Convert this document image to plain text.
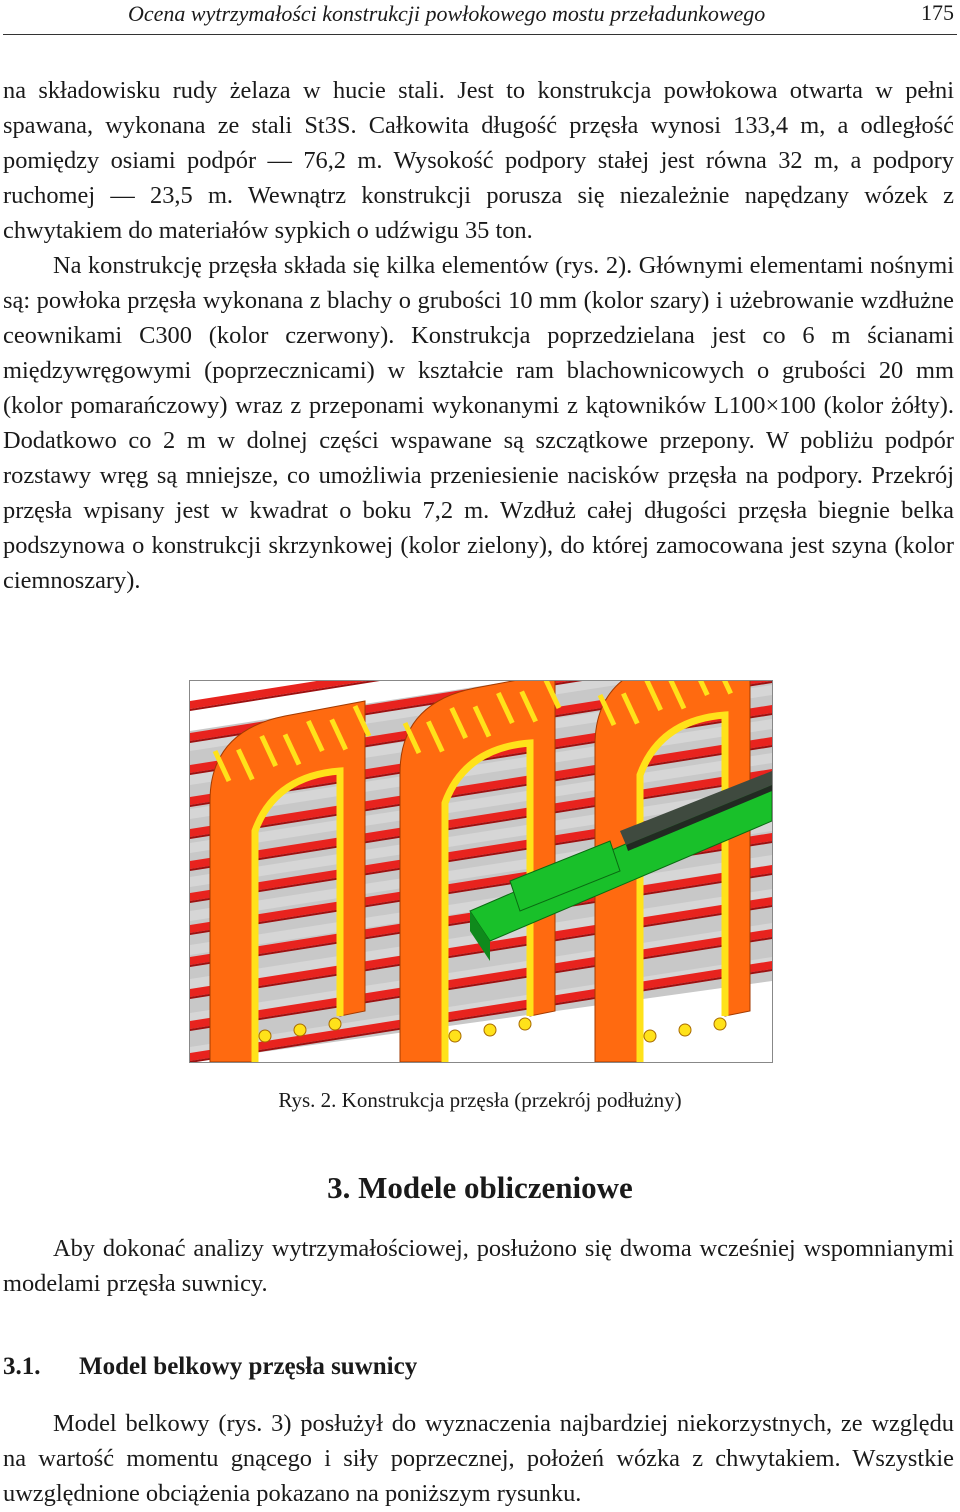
Ocena wytrzymałości konstrukcji powłokowego mostu przeładunkowego	175

na składowisku rudy żelaza w hucie stali. Jest to konstrukcja powłokowa otwarta w pełni spawana, wykonana ze stali St3S. Całkowita długość przęsła wynosi 133,4 m, a odległość pomiędzy osiami podpór — 76,2 m. Wysokość podpory stałej jest równa 32 m, a podpory ruchomej — 23,5 m. Wewnątrz konstrukcji porusza się niezależnie napędzany wózek z chwytakiem do materiałów sypkich o udźwigu 35 ton.

Na konstrukcję przęsła składa się kilka elementów (rys. 2). Głównymi elementami nośnymi są: powłoka przęsła wykonana z blachy o grubości 10 mm (kolor szary) i użebrowanie wzdłużne ceownikami C300 (kolor czerwony). Konstrukcja poprzedzielana jest co 6 m ścianami międzywręgowymi (poprzecznicami) w kształcie ram blachownicowych o grubości 20 mm (kolor pomarańczowy) wraz z przeponami wykonanymi z kątowników L100×100 (kolor żółty). Dodatkowo co 2 m w dolnej części wspawane są szczątkowe przepony. W pobliżu podpór rozstawy wręg są mniejsze, co umożliwia przeniesienie nacisków przęsła na podpory. Przekrój przęsła wpisany jest w kwadrat o boku 7,2 m. Wzdłuż całej długości przęsła biegnie belka podszynowa o konstrukcji skrzynkowej (kolor zielony), do której zamocowana jest szyna (kolor ciemnoszary).

Rys. 2. Konstrukcja przęsła (przekrój podłużny)
3. Modele obliczeniowe

Aby dokonać analizy wytrzymałościowej, posłużono się dwoma wcześniej wspomnianymi modelami przęsła suwnicy.

3.1. Model belkowy przęsła suwnicy

Model belkowy (rys. 3) posłużył do wyznaczenia najbardziej niekorzystnych, ze względu na wartość momentu gnącego i siły poprzecznej, położeń wózka z chwytakiem. Wszystkie uwzględnione obciążenia pokazano na poniższym rysunku.
